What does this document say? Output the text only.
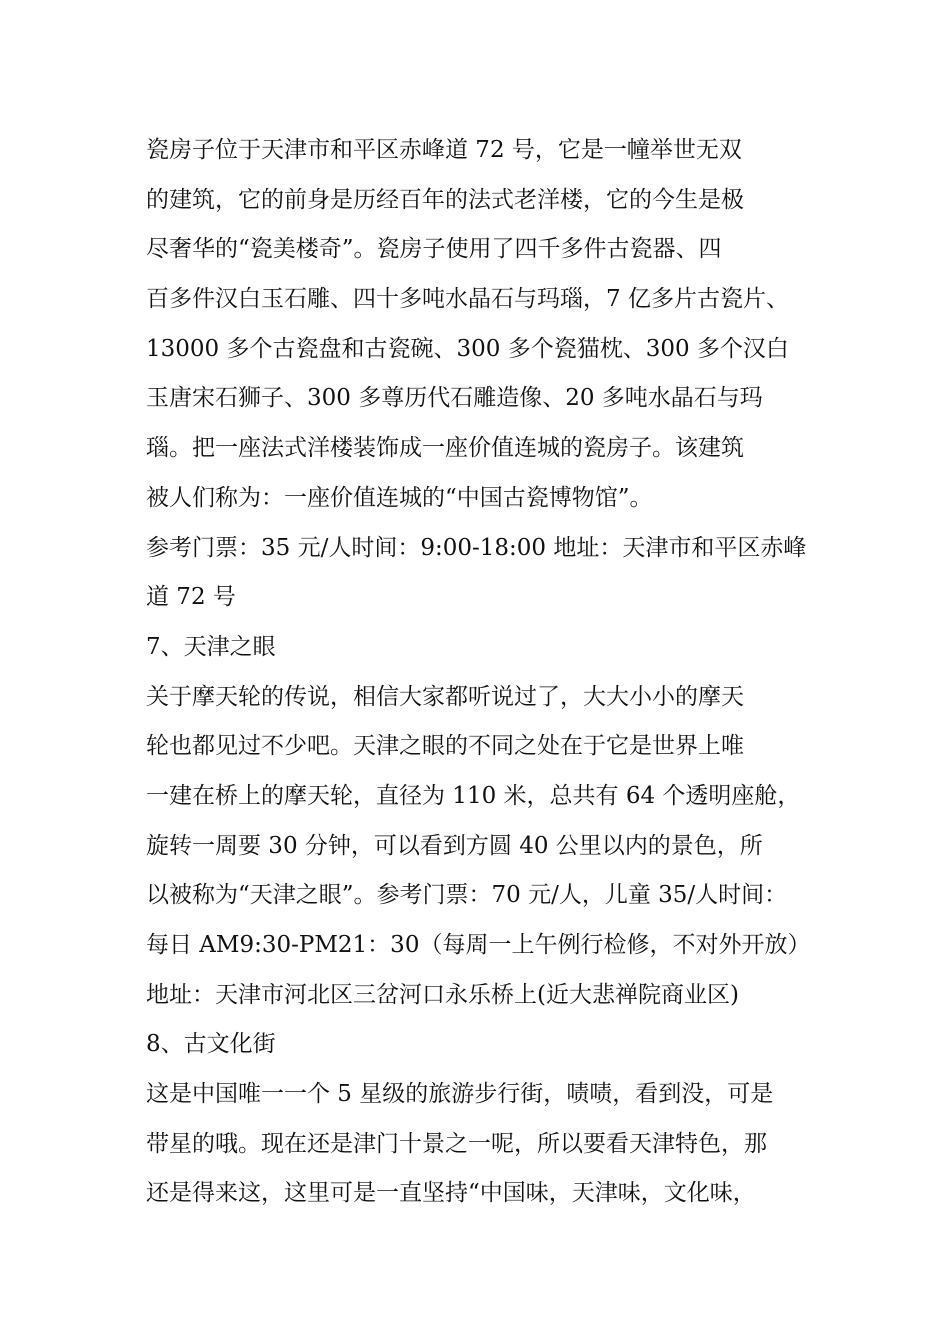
瓷房子位于天津市和平区赤峰道 72 号，它是一幢举世无双
的建筑，它的前身是历经百年的法式老洋楼，它的今生是极
尽奢华的“瓷美楼奇”。瓷房子使用了四千多件古瓷器、四
百多件汉白玉石雕、四十多吨水晶石与玛瑙，7 亿多片古瓷片、
13000 多个古瓷盘和古瓷碗、300 多个瓷猫枕、300 多个汉白
玉唐宋石狮子、300 多尊历代石雕造像、20 多吨水晶石与玛
瑙。把一座法式洋楼装饰成一座价值连城的瓷房子。该建筑
被人们称为：一座价值连城的“中国古瓷博物馆”。
参考门票：35 元/人时间：9:00-18:00 地址：天津市和平区赤峰
道 72 号
7、天津之眼
关于摩天轮的传说，相信大家都听说过了，大大小小的摩天
轮也都见过不少吧。天津之眼的不同之处在于它是世界上唯
一建在桥上的摩天轮，直径为 110 米，总共有 64 个透明座舱，
旋转一周要 30 分钟，可以看到方圆 40 公里以内的景色，所
以被称为“天津之眼”。参考门票：70 元/人，儿童 35/人时间：
每日 AM9:30-PM21：30（每周一上午例行检修，不对外开放）
地址：天津市河北区三岔河口永乐桥上(近大悲禅院商业区)
8、古文化街
这是中国唯一一个 5 星级的旅游步行街，啧啧，看到没，可是
带星的哦。现在还是津门十景之一呢，所以要看天津特色，那
还是得来这，这里可是一直坚持“中国味，天津味，文化味，
